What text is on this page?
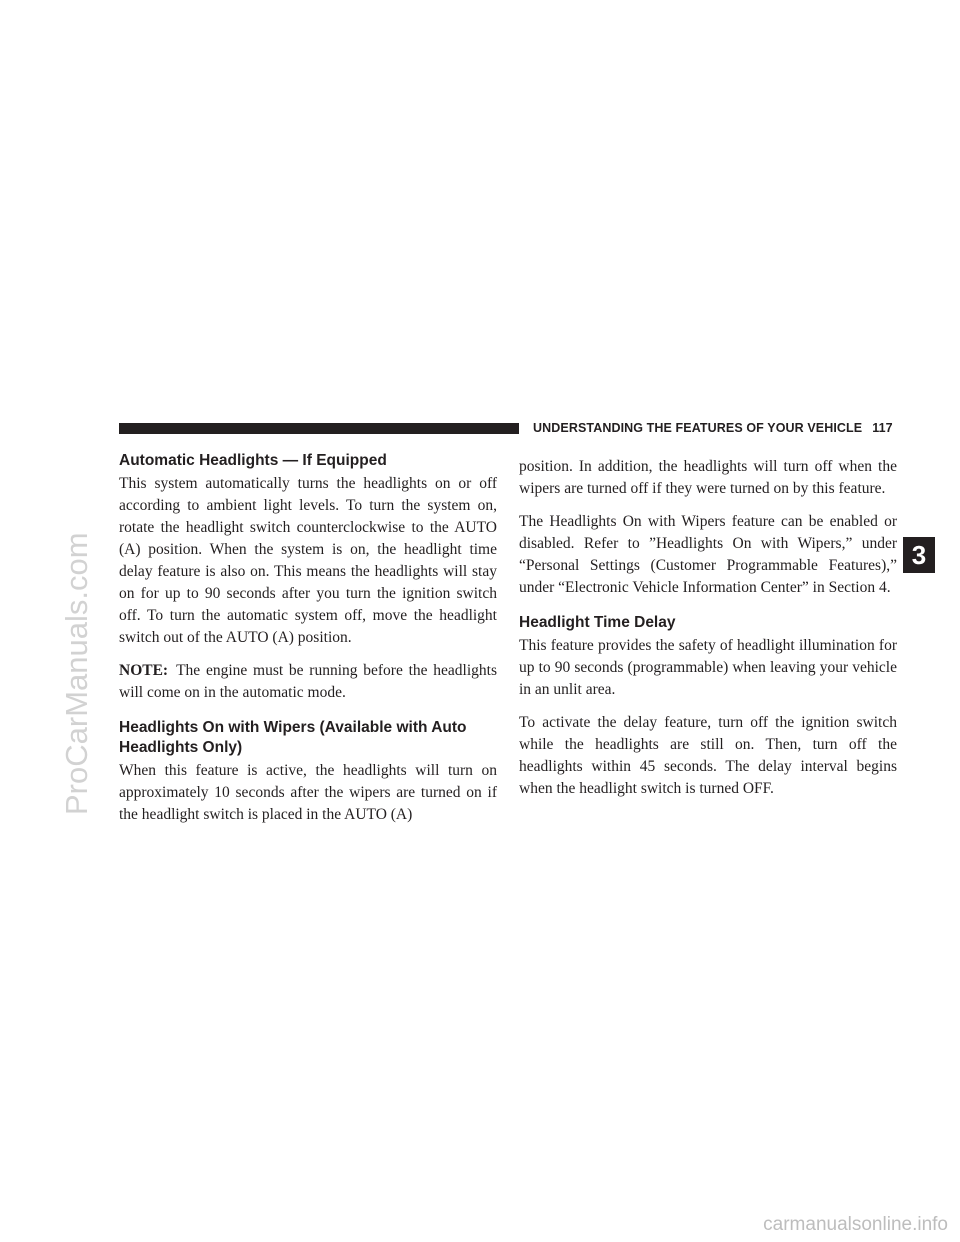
UNDERSTANDING THE FEATURES OF YOUR VEHICLE 117
3
ProCarManuals.com
Automatic Headlights — If Equipped

This system automatically turns the headlights on or off according to ambient light levels. To turn the system on, rotate the headlight switch counterclockwise to the AUTO (A) position. When the system is on, the headlight time delay feature is also on. This means the headlights will stay on for up to 90 seconds after you turn the ignition switch off. To turn the automatic system off, move the headlight switch out of the AUTO (A) position.

NOTE: The engine must be running before the headlights will come on in the automatic mode.

Headlights On with Wipers (Available with Auto Headlights Only)

When this feature is active, the headlights will turn on approximately 10 seconds after the wipers are turned on if the headlight switch is placed in the AUTO (A)

position. In addition, the headlights will turn off when the wipers are turned off if they were turned on by this feature.

The Headlights On with Wipers feature can be enabled or disabled. Refer to ”Headlights On with Wipers,” under “Personal Settings (Customer Programmable Features),” under “Electronic Vehicle Information Center” in Section 4.

Headlight Time Delay

This feature provides the safety of headlight illumination for up to 90 seconds (programmable) when leaving your vehicle in an unlit area.

To activate the delay feature, turn off the ignition switch while the headlights are still on. Then, turn off the headlights within 45 seconds. The delay interval begins when the headlight switch is turned OFF.

carmanualsonline.info
